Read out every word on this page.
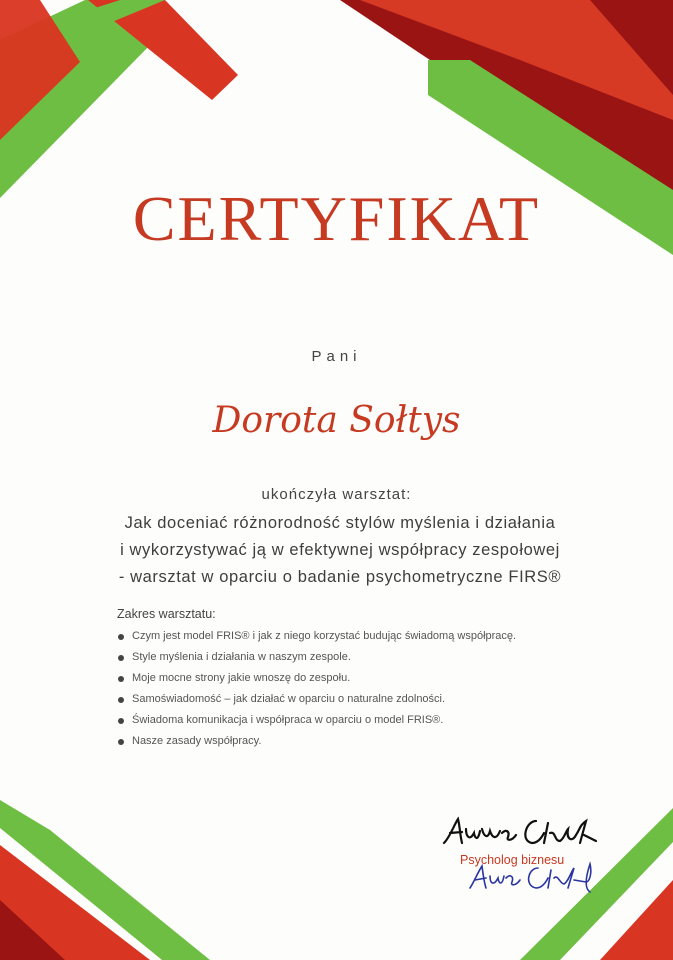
CERTYFIKAT
Pani
Dorota Sołtys
ukończyła warsztat:
Jak doceniać różnorodność stylów myślenia i działania
i wykorzystywać ją w efektywnej współpracy zespołowej
- warsztat w oparciu o badanie psychometryczne FIRS®
Zakres warsztatu:
Czym jest model FRIS® i jak z niego korzystać budując świadomą współpracę.
Style myślenia i działania w naszym zespole.
Moje mocne strony jakie wnoszę do zespołu.
Samoświadomość – jak działać w oparciu o naturalne zdolności.
Świadoma komunikacja i współpraca w oparciu o model FRIS®.
Nasze zasady współpracy.
Psycholog biznesu
